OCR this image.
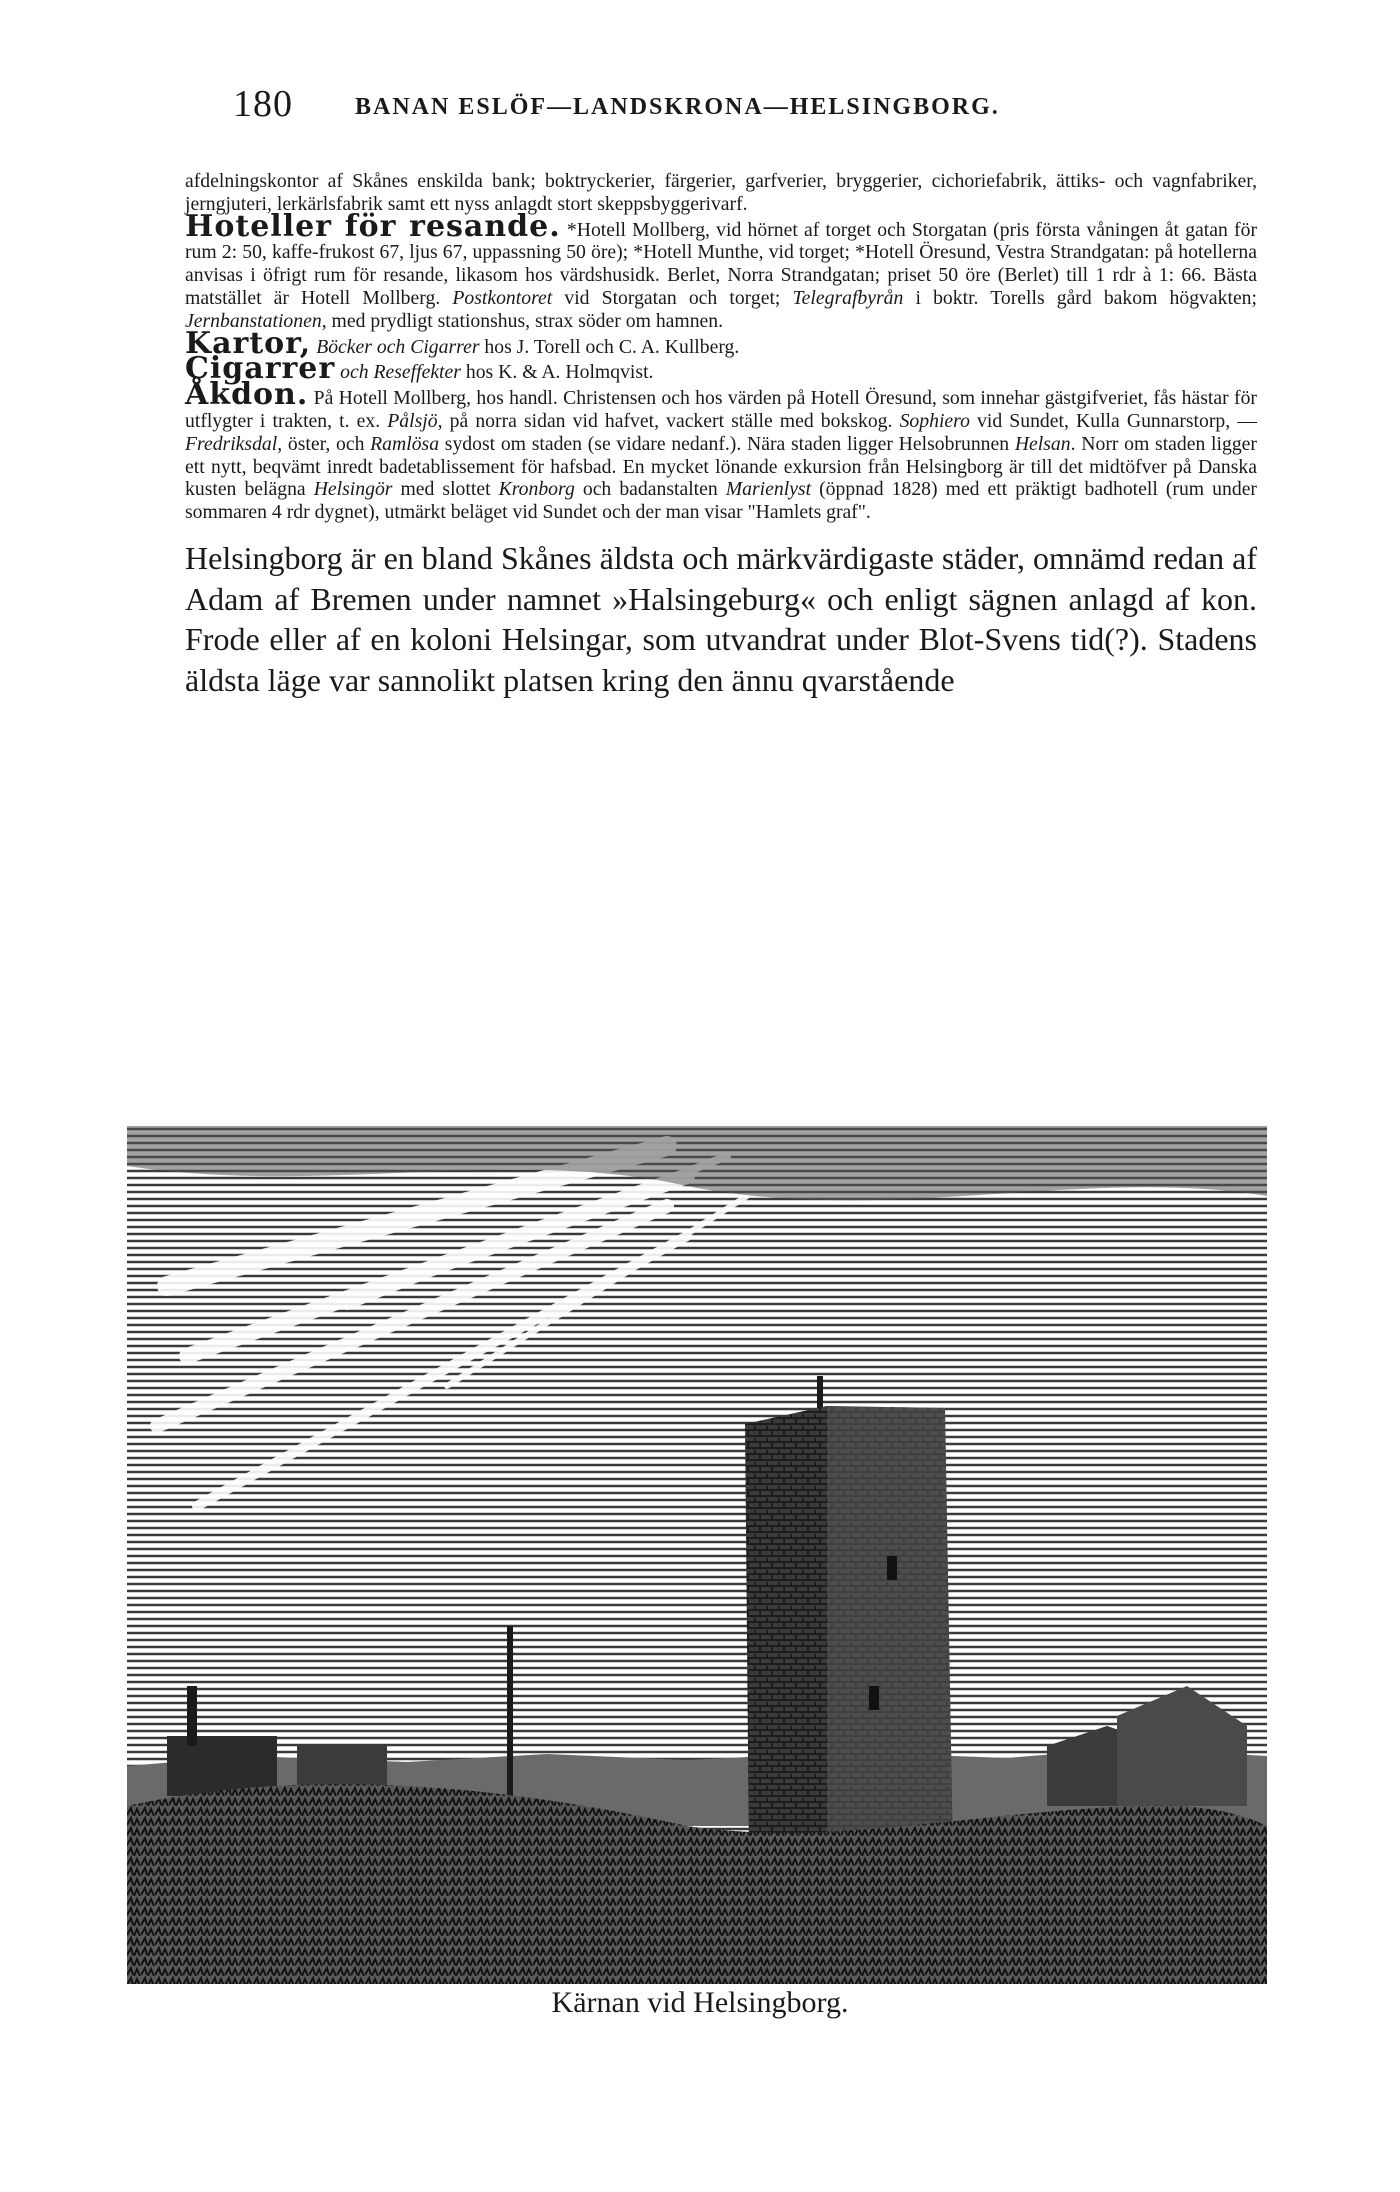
180	BANAN ESLÖF—LANDSKRONA—HELSINGBORG.

afdelningskontor af Skånes enskilda bank; boktryckerier, färgerier, garfverier, bryggerier, cichoriefabrik, ättiks- och vagnfabriker, jerngjuteri, lerkärlsfabrik samt ett nyss anlagdt stort skeppsbyggerivarf.

Hoteller för resande. *Hotell Mollberg, vid hörnet af torget och Storgatan (pris första våningen åt gatan för rum 2: 50, kaffe-frukost 67, ljus 67, uppassning 50 öre); *Hotell Munthe, vid torget; *Hotell Öresund, Vestra Strandgatan: på hotellerna anvisas i öfrigt rum för resande, likasom hos värdshusidk. Berlet, Norra Strandgatan; priset 50 öre (Berlet) till 1 rdr à 1: 66. Bästa matstället är Hotell Mollberg. Postkontoret vid Storgatan och torget; Telegrafbyrån i boktr. Torells gård bakom högvakten; Jernbanstationen, med prydligt stationshus, strax söder om hamnen.

Kartor, Böcker och Cigarrer hos J. Torell och C. A. Kullberg.

Cigarrer och Reseffekter hos K. & A. Holmqvist.

Åkdon. På Hotell Mollberg, hos handl. Christensen och hos värden på Hotell Öresund, som innehar gästgifveriet, fås hästar för utflygter i trakten, t. ex. Pålsjö, på norra sidan vid hafvet, vackert ställe med bokskog. Sophiero vid Sundet, Kulla Gunnarstorp, — Fredriksdal, öster, och Ramlösa sydost om staden (se vidare nedanf.). Nära staden ligger Helsobrunnen Helsan. Norr om staden ligger ett nytt, beqvämt inredt badetablissement för hafsbad. En mycket lönande exkursion från Helsingborg är till det midtöfver på Danska kusten belägna Helsingör med slottet Kronborg och badanstalten Marienlyst (öppnad 1828) med ett präktigt badhotell (rum under sommaren 4 rdr dygnet), utmärkt beläget vid Sundet och der man visar "Hamlets graf".

Helsingborg är en bland Skånes äldsta och märkvärdigaste städer, omnämd redan af Adam af Bremen under namnet »Halsingeburg« och enligt sägnen anlagd af kon. Frode eller af en koloni Helsingar, som utvandrat under Blot-Svens tid(?). Stadens äldsta läge var sannolikt platsen kring den ännu qvarstående

Kärnan vid Helsingborg.
